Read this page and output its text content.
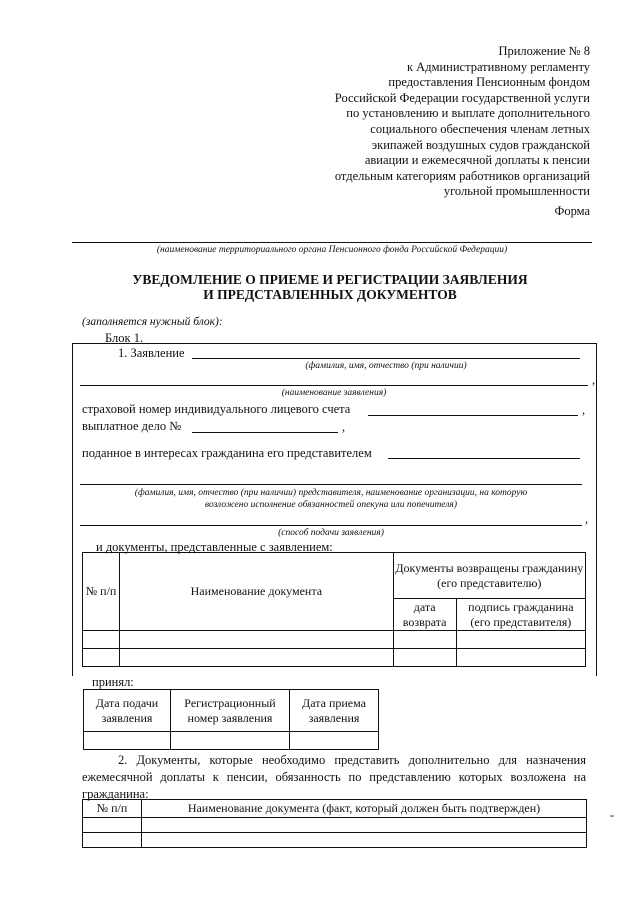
Приложение № 8
к Административному регламенту
предоставления Пенсионным фондом
Российской Федерации государственной услуги
по установлению и выплате дополнительного
социального обеспечения членам летных
экипажей воздушных судов гражданской
авиации и ежемесячной доплаты к пенсии
отдельным категориям работников организаций
угольной промышленности
Форма
(наименование территориального органа Пенсионного фонда Российской Федерации)
УВЕДОМЛЕНИЕ О ПРИЕМЕ И РЕГИСТРАЦИИ ЗАЯВЛЕНИЯ
И ПРЕДСТАВЛЕННЫХ ДОКУМЕНТОВ
(заполняется нужный блок):
Блок 1.
1. Заявление
(фамилия, имя, отчество (при наличии)
,
(наименование заявления)
страховой номер индивидуального лицевого счета	,
выплатное дело №	,
поданное в интересах гражданина его представителем
(фамилия, имя, отчество (при наличии) представителя, наименование организации, на которую
возложено исполнение обязанностей опекуна или попечителя)
,
(способ подачи заявления)
и документы, представленные с заявлением:
№ п/п	Наименование документа	Документы возвращены гражданину (его представителю)	
		дата возврата	подпись гражданина (его представителя)

принял:
Дата подачи заявления	Регистрационный номер заявления	Дата приема заявления

2. Документы, которые необходимо представить дополнительно для назначения ежемесячной доплаты к пенсии, обязанность по представлению которых возложена на гражданина:
-
№ п/п	Наименование документа (факт, который должен быть подтвержден)
